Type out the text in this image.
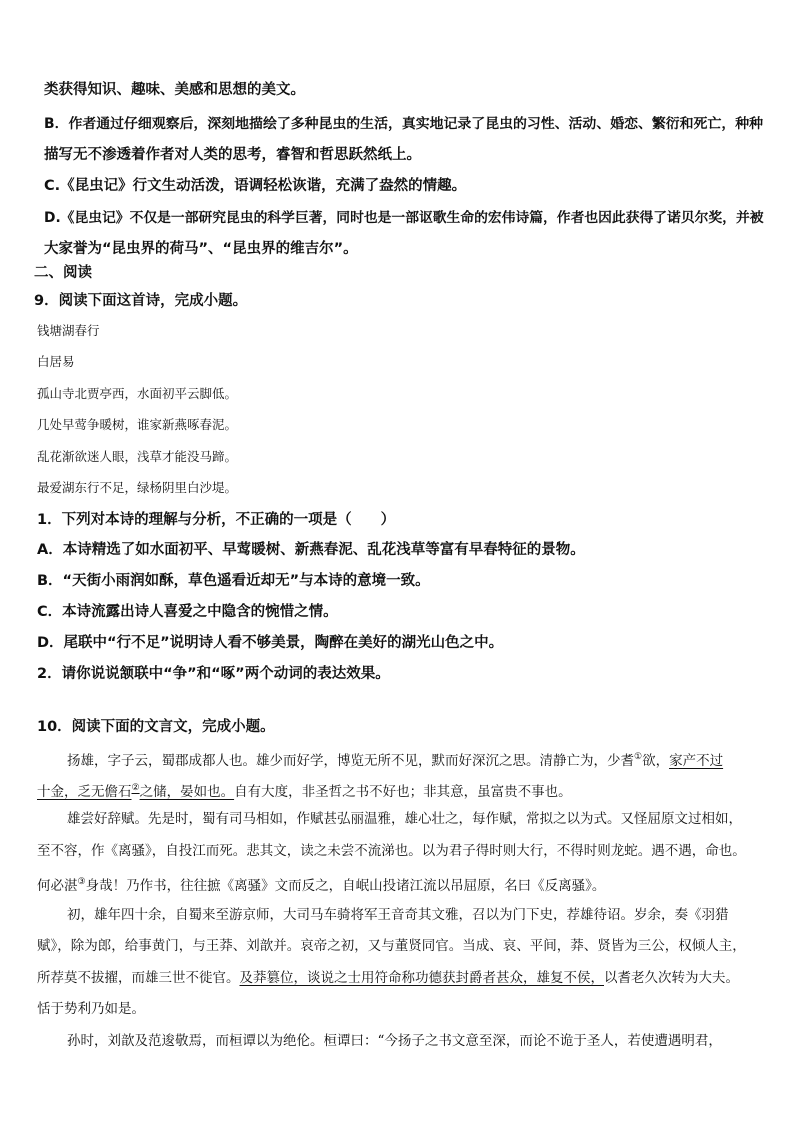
类获得知识、趣味、美感和思想的美文。
B．作者通过仔细观察后，深刻地描绘了多种昆虫的生活，真实地记录了昆虫的习性、活动、婚恋、繁衍和死亡，种种
描写无不渗透着作者对人类的思考，睿智和哲思跃然纸上。
C.《昆虫记》行文生动活泼，语调轻松诙谐，充满了盎然的情趣。
D.《昆虫记》不仅是一部研究昆虫的科学巨著，同时也是一部讴歌生命的宏伟诗篇，作者也因此获得了诺贝尔奖，并被
大家誉为“昆虫界的荷马”、“昆虫界的维吉尔”。
二、阅读
9．阅读下面这首诗，完成小题。
钱塘湖春行
白居易
孤山寺北贾亭西，水面初平云脚低。
几处早莺争暖树，谁家新燕啄春泥。
乱花渐欲迷人眼，浅草才能没马蹄。
最爱湖东行不足，绿杨阴里白沙堤。
1．下列对本诗的理解与分析，不正确的一项是（　　）
A．本诗精选了如水面初平、早莺暖树、新燕春泥、乱花浅草等富有早春特征的景物。
B．“天街小雨润如酥，草色遥看近却无”与本诗的意境一致。
C．本诗流露出诗人喜爱之中隐含的惋惜之情。
D．尾联中“行不足”说明诗人看不够美景，陶醉在美好的湖光山色之中。
2．请你说说颔联中“争”和“啄”两个动词的表达效果。
10．阅读下面的文言文，完成小题。
扬雄，字子云，蜀郡成都人也。雄少而好学，博览无所不见，默而好深沉之思。清静亡为，少耆①欲，家产不过
十金，乏无儋石②之储，晏如也。自有大度，非圣哲之书不好也；非其意，虽富贵不事也。
雄尝好辞赋。先是时，蜀有司马相如，作赋甚弘丽温雅，雄心壮之，每作赋，常拟之以为式。又怪屈原文过相如，
至不容，作《离骚》，自投江而死。悲其文，读之未尝不流涕也。以为君子得时则大行，不得时则龙蛇。遇不遇，命也。
何必湛③身哉！乃作书，往往摭《离骚》文而反之，自岷山投诸江流以吊屈原，名曰《反离骚》。
初，雄年四十余，自蜀来至游京师，大司马车骑将军王音奇其文雅，召以为门下史，荐雄待诏。岁余，奏《羽猎
赋》，除为郎，给事黄门，与王莽、刘歆并。哀帝之初，又与董贤同官。当成、哀、平间，莽、贤皆为三公，权倾人主，
所荐莫不拔擢，而雄三世不徙官。及莽篡位，谈说之士用符命称功德获封爵者甚众，雄复不侯，以耆老久次转为大夫。
恬于势利乃如是。
孙时，刘歆及范逡敬焉，而桓谭以为绝伦。桓谭曰：“今扬子之书文意至深，而论不诡于圣人，若使遭遇明君，
